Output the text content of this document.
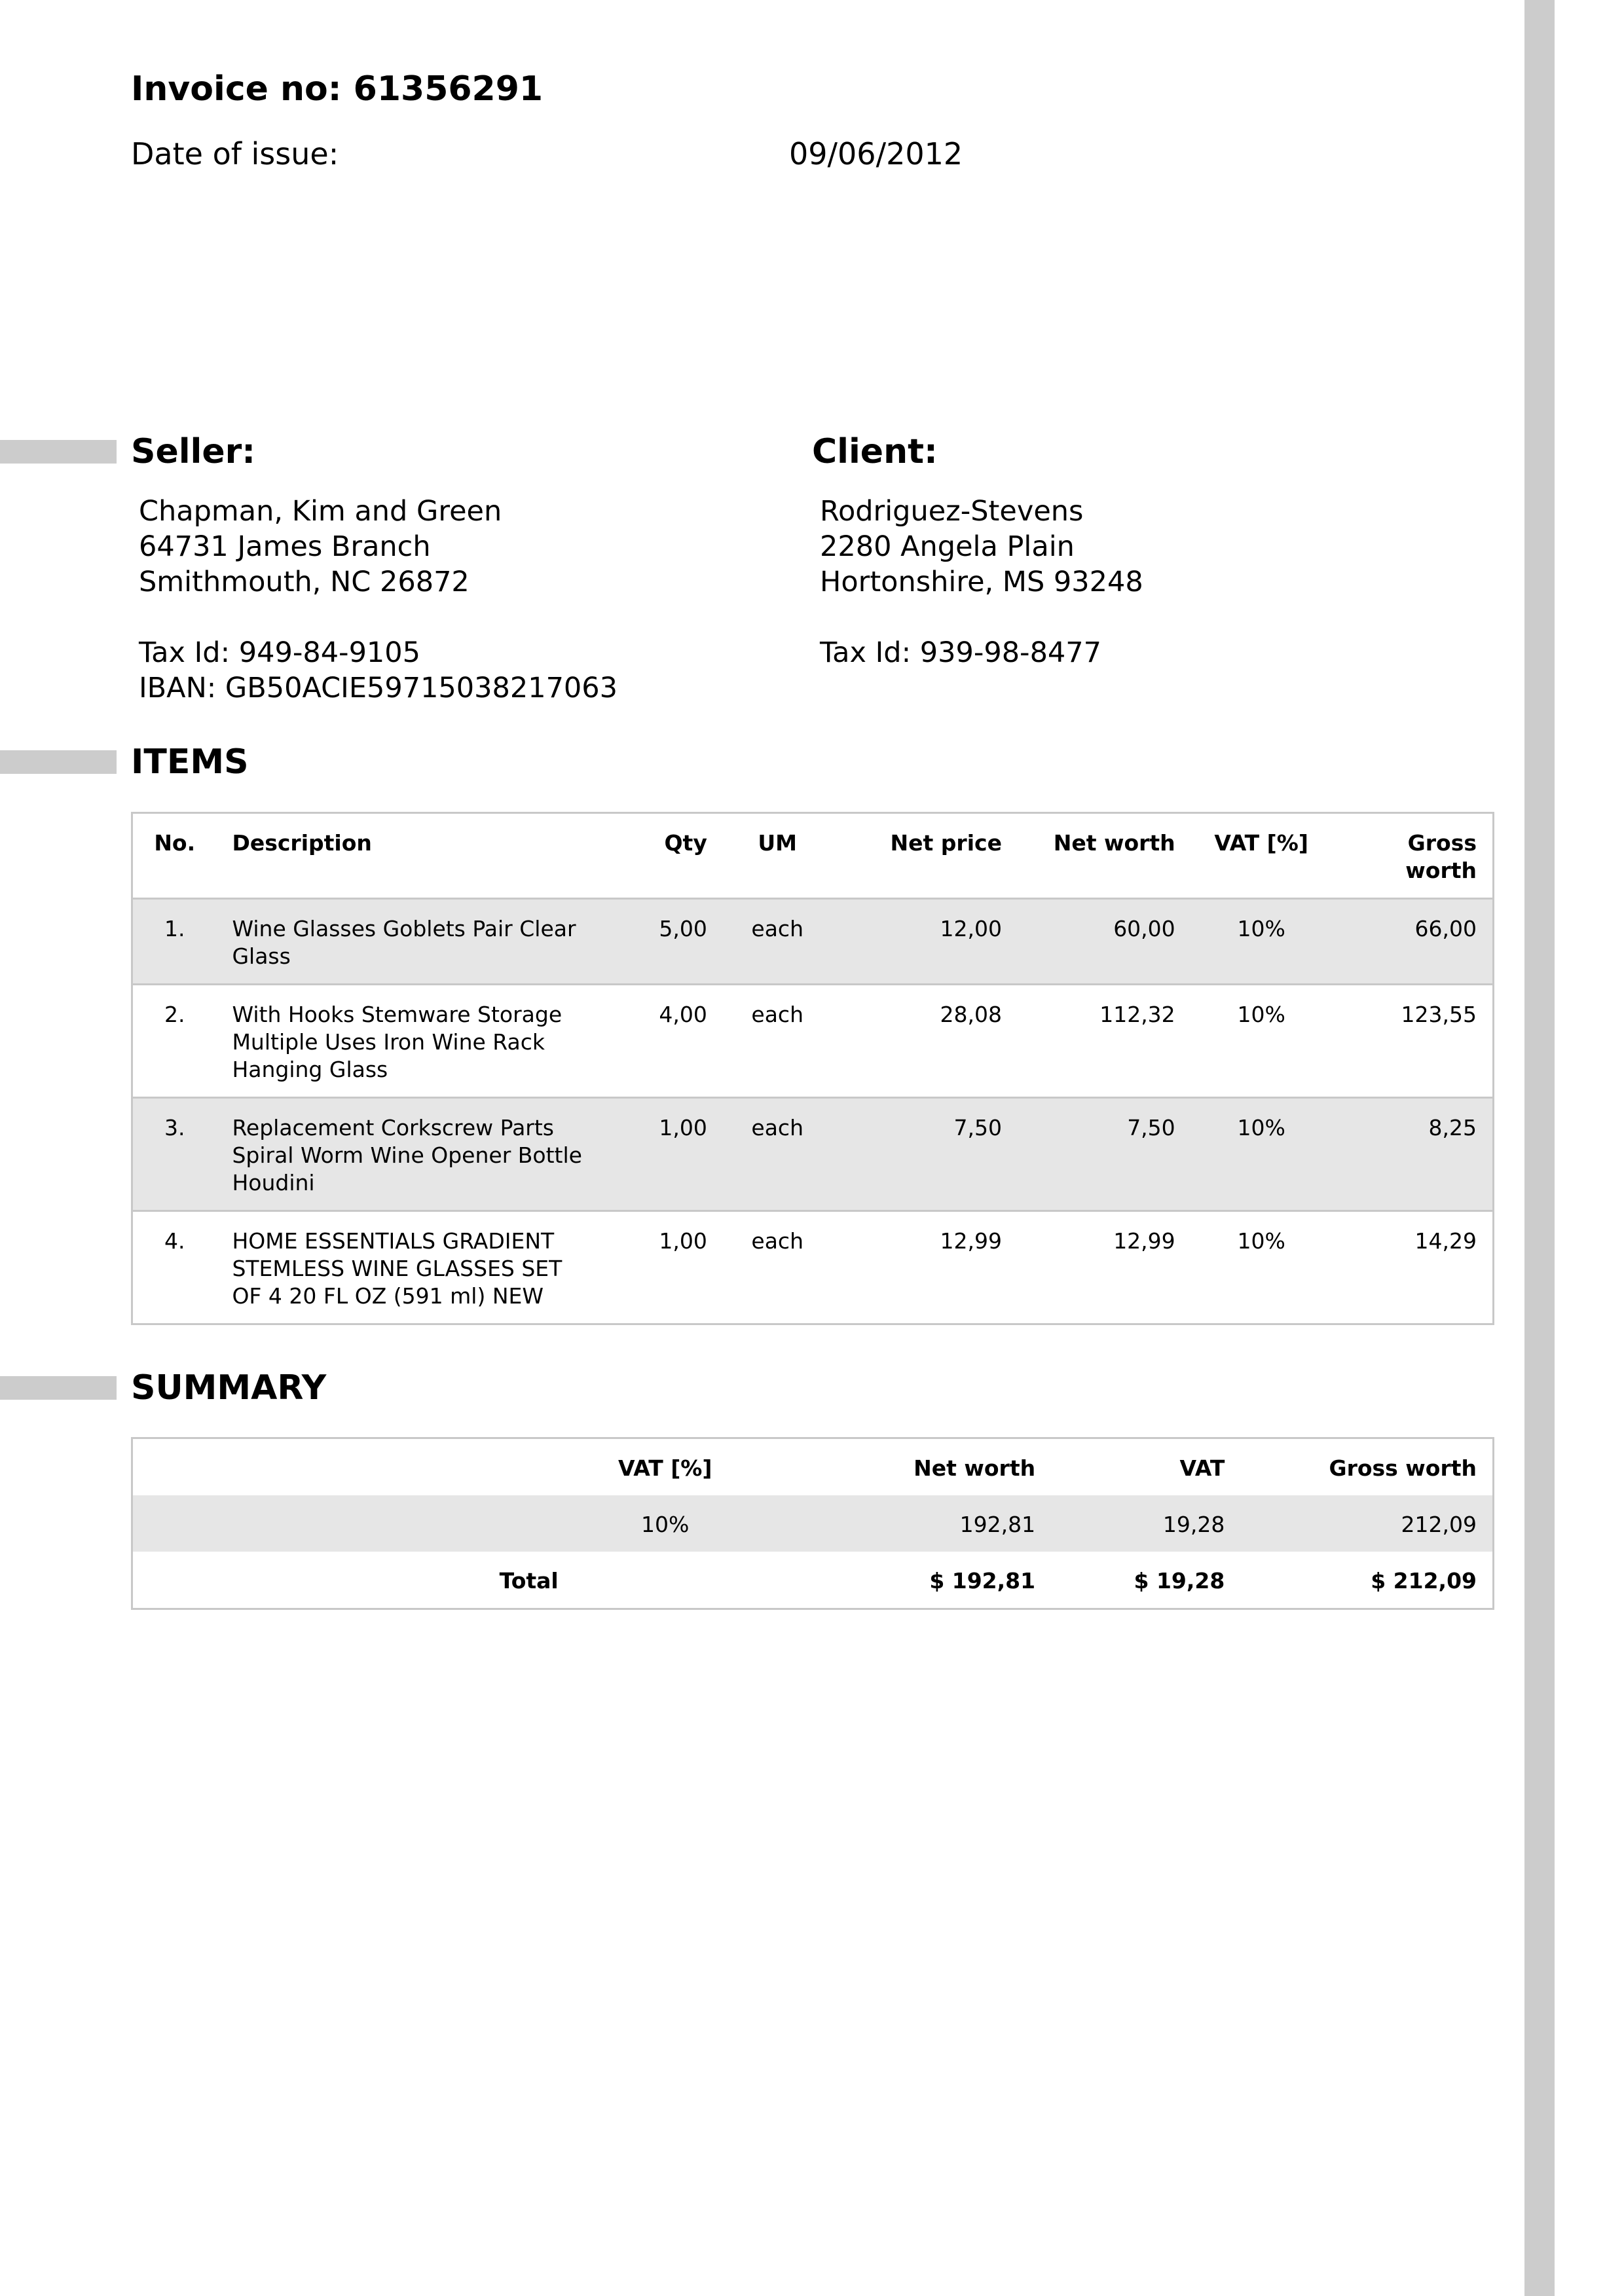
Invoice no: 61356291
Date of issue:	09/06/2012
Seller:	Client:
Chapman, Kim and Green
64731 James Branch
Smithmouth, NC 26872
Tax Id: 949-84-9105
IBAN: GB50ACIE59715038217063
Rodriguez-Stevens
2280 Angela Plain
Hortonshire, MS 93248
Tax Id: 939-98-8477
ITEMS
No.	Description	Qty	UM	Net price	Net worth	VAT [%]	Gross worth
1.	Wine Glasses Goblets Pair Clear Glass	5,00	each	12,00	60,00	10%	66,00
2.	With Hooks Stemware Storage Multiple Uses Iron Wine Rack Hanging Glass	4,00	each	28,08	112,32	10%	123,55
3.	Replacement Corkscrew Parts Spiral Worm Wine Opener Bottle Houdini	1,00	each	7,50	7,50	10%	8,25
4.	HOME ESSENTIALS GRADIENT STEMLESS WINE GLASSES SET OF 4 20 FL OZ (591 ml) NEW	1,00	each	12,99	12,99	10%	14,29
SUMMARY
	VAT [%]	Net worth	VAT	Gross worth
	10%	192,81	19,28	212,09
Total		$ 192,81	$ 19,28	$ 212,09
